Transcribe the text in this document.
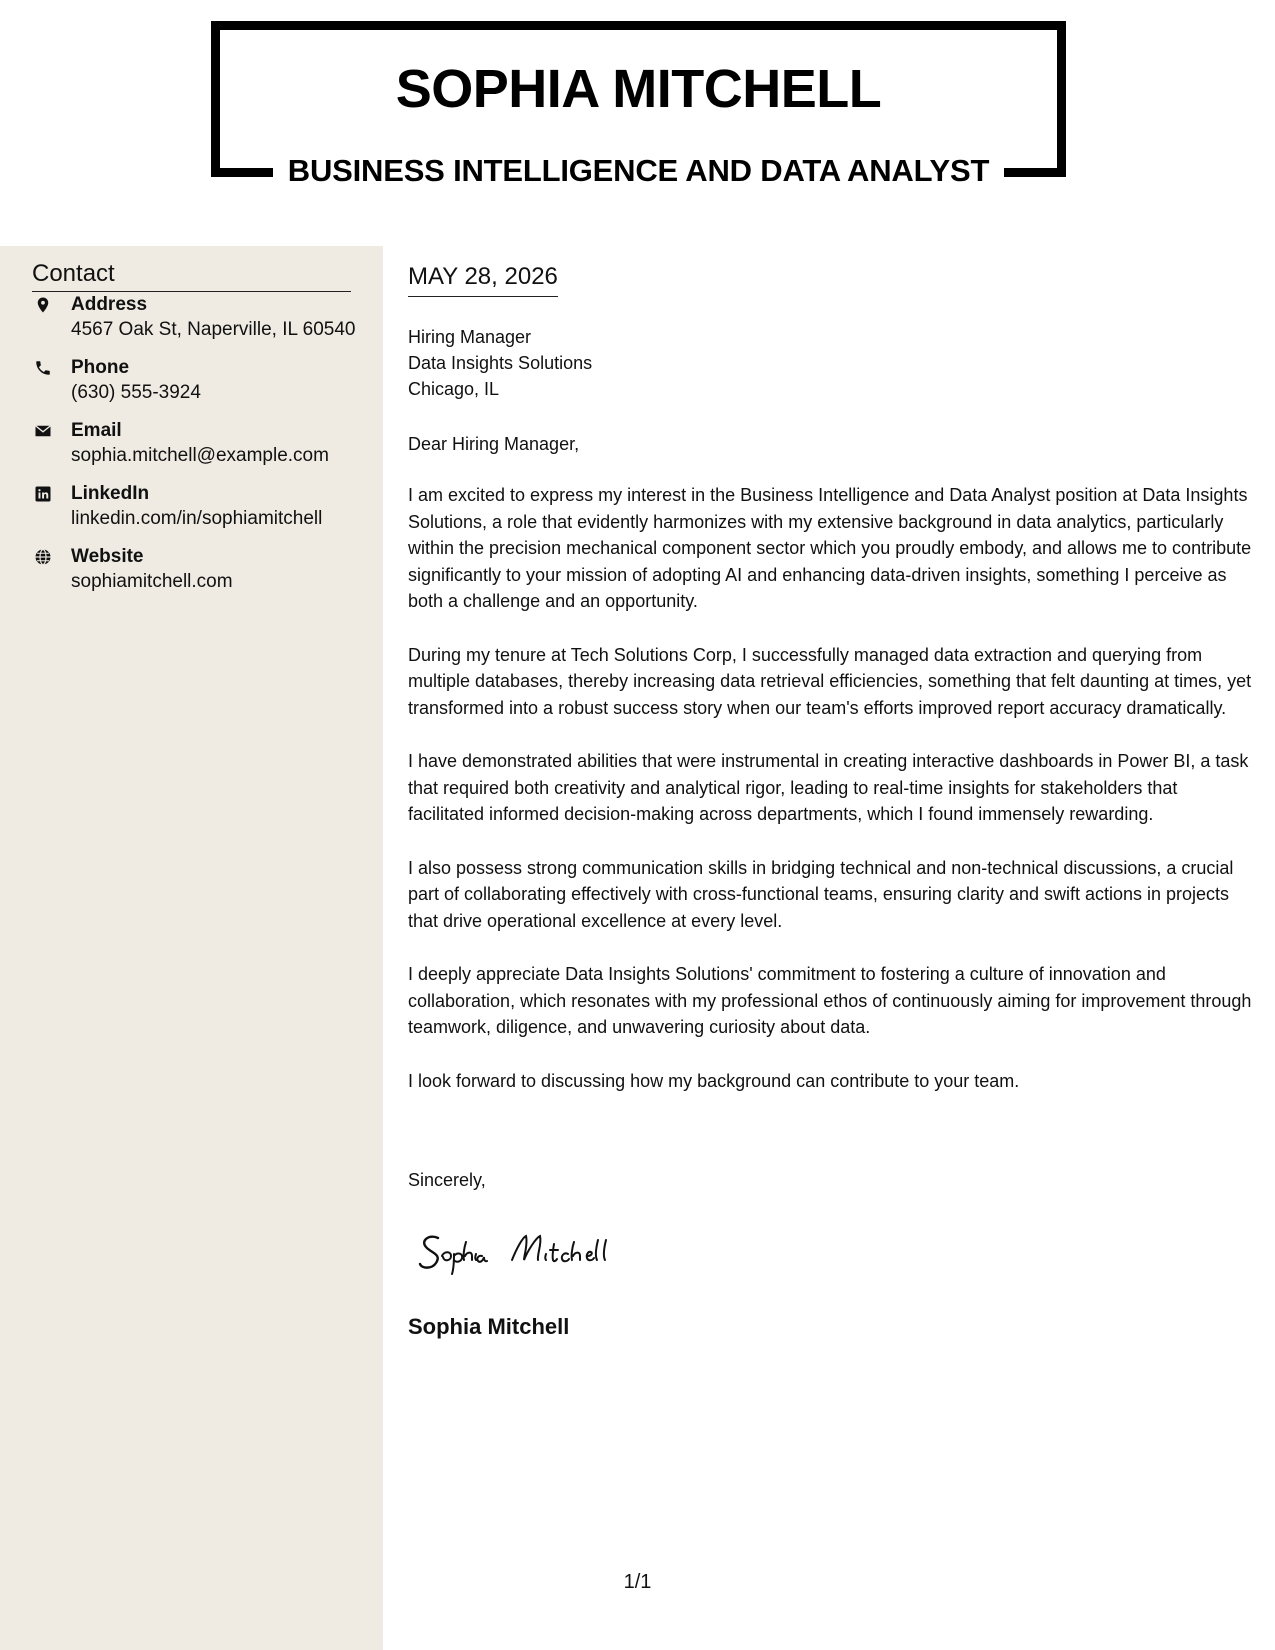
SOPHIA MITCHELL
BUSINESS INTELLIGENCE AND DATA ANALYST
Contact
Address
4567 Oak St, Naperville, IL 60540
Phone
(630) 555-3924
Email
sophia.mitchell@example.com
LinkedIn
linkedin.com/in/sophiamitchell
Website
sophiamitchell.com
MAY 28, 2026
Hiring Manager
Data Insights Solutions
Chicago, IL
Dear Hiring Manager,

I am excited to express my interest in the Business Intelligence and Data Analyst position at Data Insights Solutions, a role that evidently harmonizes with my extensive background in data analytics, particularly within the precision mechanical component sector which you proudly embody, and allows me to contribute significantly to your mission of adopting AI and enhancing data-driven insights, something I perceive as both a challenge and an opportunity.

During my tenure at Tech Solutions Corp, I successfully managed data extraction and querying from multiple databases, thereby increasing data retrieval efficiencies, something that felt daunting at times, yet transformed into a robust success story when our team's efforts improved report accuracy dramatically.

I have demonstrated abilities that were instrumental in creating interactive dashboards in Power BI, a task that required both creativity and analytical rigor, leading to real-time insights for stakeholders that facilitated informed decision-making across departments, which I found immensely rewarding.

I also possess strong communication skills in bridging technical and non-technical discussions, a crucial part of collaborating effectively with cross-functional teams, ensuring clarity and swift actions in projects that drive operational excellence at every level.

I deeply appreciate Data Insights Solutions' commitment to fostering a culture of innovation and collaboration, which resonates with my professional ethos of continuously aiming for improvement through teamwork, diligence, and unwavering curiosity about data.

I look forward to discussing how my background can contribute to your team.

Sincerely,
Sophia Mitchell
1/1
